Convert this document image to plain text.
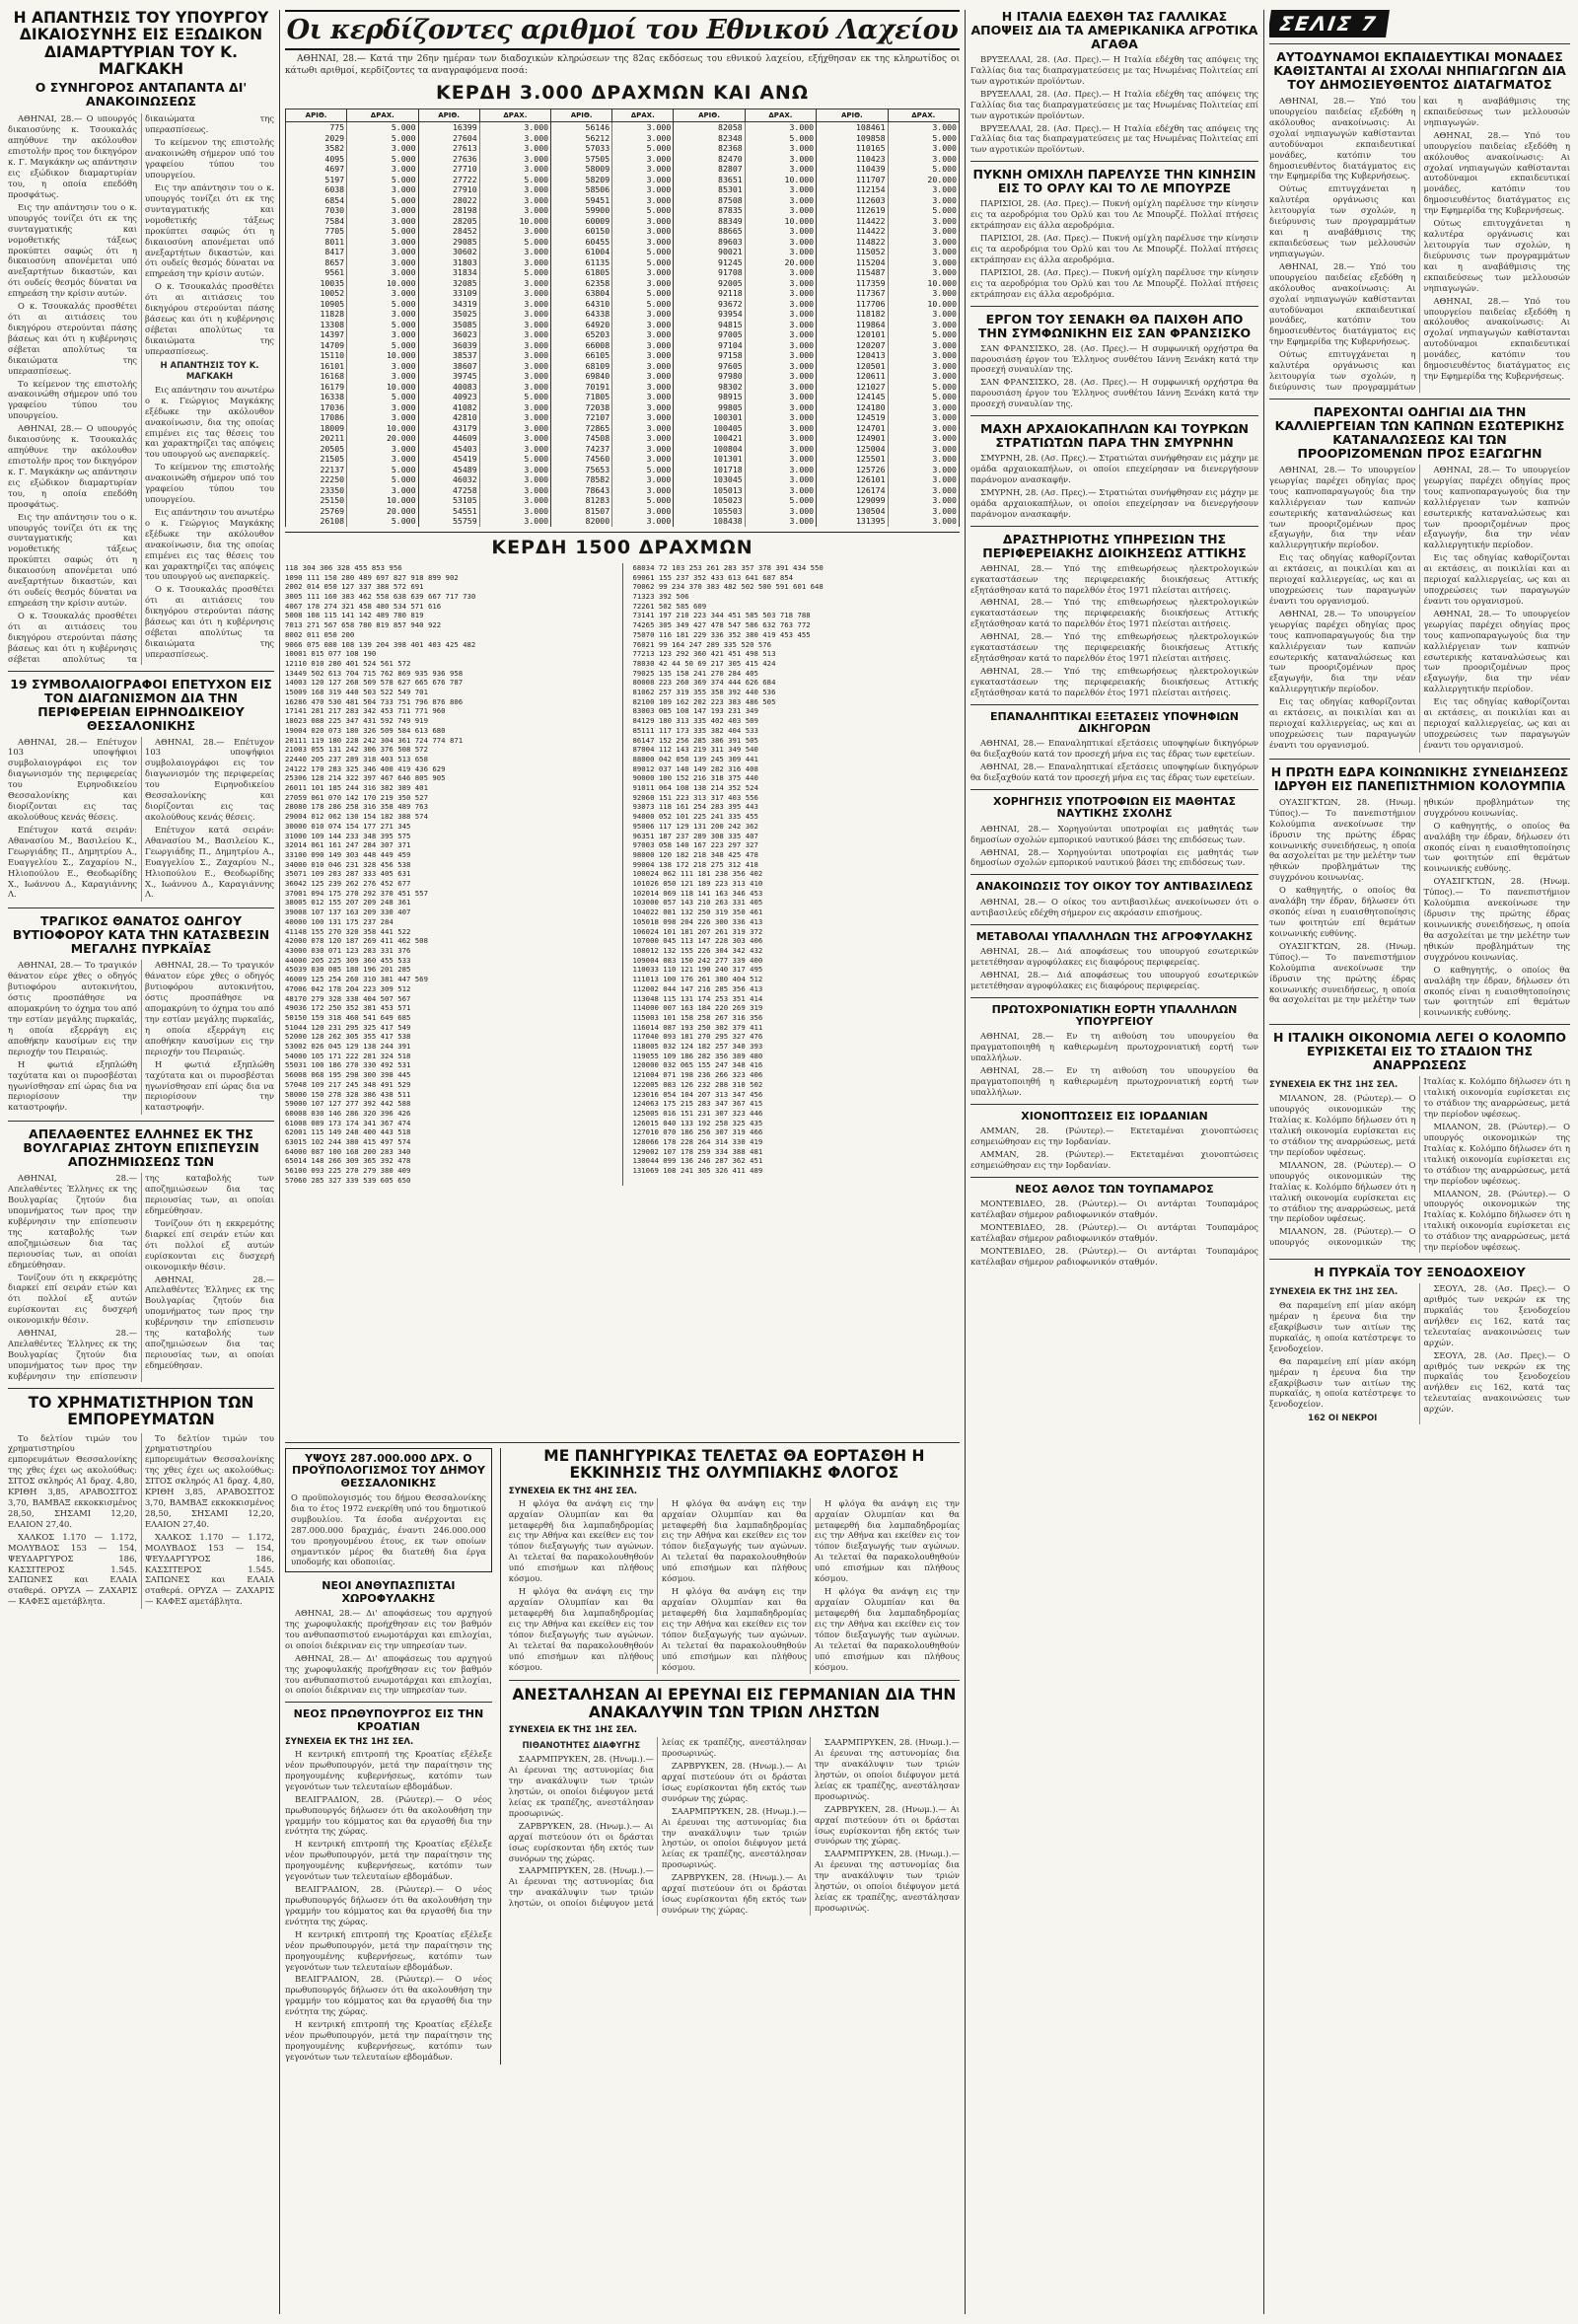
Η ΑΠΑΝΤΗΣΙΣ ΤΟΥ ΥΠΟΥΡΓΟΥ ΔΙΚΑΙΟΣΥΝΗΣ ΕΙΣ ΕΞΩΔΙΚΟΝ ΔΙΑΜΑΡΤΥΡΙΑΝ ΤΟΥ Κ. ΜΑΓΚΑΚΗ
Ο ΣΥΝΗΓΟΡΟΣ ΑΝΤΑΠΑΝΤΑ ΔΙ' ΑΝΑΚΟΙΝΩΣΕΩΣ

ΑΘΗΝΑΙ, 28.— Ο υπουργός δικαιοσύνης κ. Τσουκαλάς απηύθυνε την ακόλουθον επιστολήν προς τον δικηγόρον κ. Γ. Μαγκάκην ως απάντησιν εις εξώδικον διαμαρτυρίαν του, η οποία επεδόθη προσφάτως.

Εις την απάντησιν του ο κ. υπουργός τονίζει ότι εκ της συνταγματικής και νομοθετικής τάξεως προκύπτει σαφώς ότι η δικαιοσύνη απονέμεται υπό ανεξαρτήτων δικαστών, και ότι ουδείς θεσμός δύναται να επηρεάση την κρίσιν αυτών.

Ο κ. Τσουκαλάς προσθέτει ότι αι αιτιάσεις του δικηγόρου στερούνται πάσης βάσεως και ότι η κυβέρνησις σέβεται απολύτως τα δικαιώματα της υπερασπίσεως.

Το κείμενον της επιστολής ανακοινώθη σήμερον υπό του γραφείου τύπου του υπουργείου.

ΑΘΗΝΑΙ, 28.— Ο υπουργός δικαιοσύνης κ. Τσουκαλάς απηύθυνε την ακόλουθον επιστολήν προς τον δικηγόρον κ. Γ. Μαγκάκην ως απάντησιν εις εξώδικον διαμαρτυρίαν του, η οποία επεδόθη προσφάτως.

Εις την απάντησιν του ο κ. υπουργός τονίζει ότι εκ της συνταγματικής και νομοθετικής τάξεως προκύπτει σαφώς ότι η δικαιοσύνη απονέμεται υπό ανεξαρτήτων δικαστών, και ότι ουδείς θεσμός δύναται να επηρεάση την κρίσιν αυτών.

Ο κ. Τσουκαλάς προσθέτει ότι αι αιτιάσεις του δικηγόρου στερούνται πάσης βάσεως και ότι η κυβέρνησις σέβεται απολύτως τα δικαιώματα της υπερασπίσεως.

Το κείμενον της επιστολής ανακοινώθη σήμερον υπό του γραφείου τύπου του υπουργείου.

Εις την απάντησιν του ο κ. υπουργός τονίζει ότι εκ της συνταγματικής και νομοθετικής τάξεως προκύπτει σαφώς ότι η δικαιοσύνη απονέμεται υπό ανεξαρτήτων δικαστών, και ότι ουδείς θεσμός δύναται να επηρεάση την κρίσιν αυτών.

Ο κ. Τσουκαλάς προσθέτει ότι αι αιτιάσεις του δικηγόρου στερούνται πάσης βάσεως και ότι η κυβέρνησις σέβεται απολύτως τα δικαιώματα της υπερασπίσεως.

Η ΑΠΑΝΤΗΣΙΣ ΤΟΥ Κ. ΜΑΓΚΑΚΗ

Εις απάντησιν του ανωτέρω ο κ. Γεώργιος Μαγκάκης εξέδωκε την ακόλουθον ανακοίνωσιν, δια της οποίας επιμένει εις τας θέσεις του και χαρακτηρίζει τας απόψεις του υπουργού ως ανεπαρκείς.

Το κείμενον της επιστολής ανακοινώθη σήμερον υπό του γραφείου τύπου του υπουργείου.

Εις απάντησιν του ανωτέρω ο κ. Γεώργιος Μαγκάκης εξέδωκε την ακόλουθον ανακοίνωσιν, δια της οποίας επιμένει εις τας θέσεις του και χαρακτηρίζει τας απόψεις του υπουργού ως ανεπαρκείς.

Ο κ. Τσουκαλάς προσθέτει ότι αι αιτιάσεις του δικηγόρου στερούνται πάσης βάσεως και ότι η κυβέρνησις σέβεται απολύτως τα δικαιώματα της υπερασπίσεως.

19 ΣΥΜΒΟΛΑΙΟΓΡΑΦΟΙ ΕΠΕΤΥΧΟΝ ΕΙΣ ΤΟΝ ΔΙΑΓΩΝΙΣΜΟΝ ΔΙΑ ΤΗΝ ΠΕΡΙΦΕΡΕΙΑΝ ΕΙΡΗΝΟΔΙΚΕΙΟΥ ΘΕΣΣΑΛΟΝΙΚΗΣ

ΑΘΗΝΑΙ, 28.— Επέτυχον 103 υποψήφιοι συμβολαιογράφοι εις τον διαγωνισμόν της περιφερείας του Ειρηνοδικείου Θεσσαλονίκης και διορίζονται εις τας ακολούθους κενάς θέσεις.

Επέτυχον κατά σειράν: Αθανασίου Μ., Βασιλείου Κ., Γεωργιάδης Π., Δημητρίου Α., Ευαγγελίου Σ., Ζαχαρίου Ν., Ηλιοπούλου Ε., Θεοδωρίδης Χ., Ιωάννου Δ., Καραγιάννης Λ.

ΑΘΗΝΑΙ, 28.— Επέτυχον 103 υποψήφιοι συμβολαιογράφοι εις τον διαγωνισμόν της περιφερείας του Ειρηνοδικείου Θεσσαλονίκης και διορίζονται εις τας ακολούθους κενάς θέσεις.

Επέτυχον κατά σειράν: Αθανασίου Μ., Βασιλείου Κ., Γεωργιάδης Π., Δημητρίου Α., Ευαγγελίου Σ., Ζαχαρίου Ν., Ηλιοπούλου Ε., Θεοδωρίδης Χ., Ιωάννου Δ., Καραγιάννης Λ.

ΤΡΑΓΙΚΟΣ ΘΑΝΑΤΟΣ ΟΔΗΓΟΥ ΒΥΤΙΟΦΟΡΟΥ ΚΑΤΑ ΤΗΝ ΚΑΤΑΣΒΕΣΙΝ ΜΕΓΑΛΗΣ ΠΥΡΚΑΪΑΣ

ΑΘΗΝΑΙ, 28.— Το τραγικόν θάνατον εύρε χθες ο οδηγός βυτιοφόρου αυτοκινήτου, όστις προσπάθησε να απομακρύνη το όχημα του από την εστίαν μεγάλης πυρκαϊάς, η οποία εξερράγη εις αποθήκην καυσίμων εις την περιοχήν του Πειραιώς.

Η φωτιά εξηπλώθη ταχύτατα και οι πυροσβέσται ηγωνίσθησαν επί ώρας δια να περιορίσουν την καταστροφήν.

ΑΘΗΝΑΙ, 28.— Το τραγικόν θάνατον εύρε χθες ο οδηγός βυτιοφόρου αυτοκινήτου, όστις προσπάθησε να απομακρύνη το όχημα του από την εστίαν μεγάλης πυρκαϊάς, η οποία εξερράγη εις αποθήκην καυσίμων εις την περιοχήν του Πειραιώς.

Η φωτιά εξηπλώθη ταχύτατα και οι πυροσβέσται ηγωνίσθησαν επί ώρας δια να περιορίσουν την καταστροφήν.

ΑΠΕΛΑΘΕΝΤΕΣ ΕΛΛΗΝΕΣ ΕΚ ΤΗΣ ΒΟΥΛΓΑΡΙΑΣ ΖΗΤΟΥΝ ΕΠΙΣΠΕΥΣΙΝ ΑΠΟΖΗΜΙΩΣΕΩΣ ΤΩΝ

ΑΘΗΝΑΙ, 28.— Απελαθέντες Έλληνες εκ της Βουλγαρίας ζητούν δια υπομνήματος των προς την κυβέρνησιν την επίσπευσιν της καταβολής των αποζημιώσεων δια τας περιουσίας των, αι οποίαι εδημεύθησαν.

Τονίζουν ότι η εκκρεμότης διαρκεί επί σειράν ετών και ότι πολλοί εξ αυτών ευρίσκονται εις δυσχερή οικονομικήν θέσιν.

ΑΘΗΝΑΙ, 28.— Απελαθέντες Έλληνες εκ της Βουλγαρίας ζητούν δια υπομνήματος των προς την κυβέρνησιν την επίσπευσιν της καταβολής των αποζημιώσεων δια τας περιουσίας των, αι οποίαι εδημεύθησαν.

Τονίζουν ότι η εκκρεμότης διαρκεί επί σειράν ετών και ότι πολλοί εξ αυτών ευρίσκονται εις δυσχερή οικονομικήν θέσιν.

ΑΘΗΝΑΙ, 28.— Απελαθέντες Έλληνες εκ της Βουλγαρίας ζητούν δια υπομνήματος των προς την κυβέρνησιν την επίσπευσιν της καταβολής των αποζημιώσεων δια τας περιουσίας των, αι οποίαι εδημεύθησαν.

ΤΟ ΧΡΗΜΑΤΙΣΤΗΡΙΟΝ ΤΩΝ ΕΜΠΟΡΕΥΜΑΤΩΝ

Το δελτίον τιμών του χρηματιστηρίου εμπορευμάτων Θεσσαλονίκης της χθες έχει ως ακολούθως: ΣΙΤΟΣ σκληρός Α1 δραχ. 4,80, ΚΡΙΘΗ 3,85, ΑΡΑΒΟΣΙΤΟΣ 3,70, ΒΑΜΒΑΞ εκκοκκισμένος 28,50, ΣΗΣΑΜΙ 12,20, ΕΛΑΙΟΝ 27,40.

ΧΑΛΚΟΣ 1.170 — 1.172, ΜΟΛΥΒΔΟΣ 153 — 154, ΨΕΥΔΑΡΓΥΡΟΣ 186, ΚΑΣΣΙΤΕΡΟΣ 1.545. ΣΑΠΩΝΕΣ και ΕΛΑΙΑ σταθερά. ΟΡΥΖΑ — ΖΑΧΑΡΙΣ — ΚΑΦΕΣ αμετάβλητα.

Το δελτίον τιμών του χρηματιστηρίου εμπορευμάτων Θεσσαλονίκης της χθες έχει ως ακολούθως: ΣΙΤΟΣ σκληρός Α1 δραχ. 4,80, ΚΡΙΘΗ 3,85, ΑΡΑΒΟΣΙΤΟΣ 3,70, ΒΑΜΒΑΞ εκκοκκισμένος 28,50, ΣΗΣΑΜΙ 12,20, ΕΛΑΙΟΝ 27,40.

ΧΑΛΚΟΣ 1.170 — 1.172, ΜΟΛΥΒΔΟΣ 153 — 154, ΨΕΥΔΑΡΓΥΡΟΣ 186, ΚΑΣΣΙΤΕΡΟΣ 1.545. ΣΑΠΩΝΕΣ και ΕΛΑΙΑ σταθερά. ΟΡΥΖΑ — ΖΑΧΑΡΙΣ — ΚΑΦΕΣ αμετάβλητα.

Οι κερδίζοντες αριθμοί του Εθνικού Λαχείου
ΑΘΗΝΑΙ, 28.— Κατά την 26ην ημέραν των διαδοχικών κληρώσεων της 82ας εκδόσεως του εθνικού λαχείου, εξήχθησαν εκ της κληρωτίδος οι κάτωθι αριθμοί, κερδίζοντες τα αναγραφόμενα ποσά:
ΚΕΡΔΗ 3.000 ΔΡΑΧΜΩΝ ΚΑΙ ΑΝΩ
ΑΡΙΘ.	ΔΡΑΧ.	ΑΡΙΘ.	ΔΡΑΧ.	ΑΡΙΘ.	ΔΡΑΧ.	ΑΡΙΘ.	ΔΡΑΧ.	ΑΡΙΘ.	ΔΡΑΧ.
775	5.000	16399	3.000	56146	3.000	82058	3.000	108461	3.000
2029	5.000	27604	3.000	56212	3.000	82348	5.000	109858	5.000
3582	3.000	27613	3.000	57033	5.000	82368	3.000	110165	3.000
4095	5.000	27636	3.000	57505	3.000	82470	3.000	110423	3.000
4697	3.000	27710	3.000	58009	3.000	82807	3.000	110439	5.000
5197	5.000	27722	5.000	58209	3.000	83651	10.000	111707	20.000
6038	3.000	27910	3.000	58506	3.000	85301	3.000	112154	3.000
6854	5.000	28022	3.000	59451	3.000	87508	3.000	112603	3.000
7030	3.000	28198	3.000	59900	5.000	87835	3.000	112619	5.000
7584	3.000	28205	10.000	60009	3.000	88349	10.000	114422	3.000
7705	5.000	28452	3.000	60150	3.000	88665	3.000	114422	3.000
8011	3.000	29085	5.000	60455	3.000	89603	3.000	114822	3.000
8417	3.000	30602	3.000	61004	5.000	90021	3.000	115052	3.000
8657	3.000	31803	3.000	61135	5.000	91245	20.000	115204	3.000
9561	3.000	31834	5.000	61805	3.000	91708	3.000	115487	3.000
10035	10.000	32085	3.000	62358	3.000	92005	3.000	117359	10.000
10052	3.000	33109	3.000	63804	5.000	92118	3.000	117367	3.000
10905	5.000	34319	3.000	64310	5.000	93672	3.000	117706	10.000
11828	3.000	35025	3.000	64338	3.000	93954	3.000	118182	3.000
13308	5.000	35085	3.000	64920	3.000	94815	3.000	119864	3.000
14397	3.000	36023	3.000	65203	3.000	97005	3.000	120101	5.000
14709	5.000	36039	3.000	66008	3.000	97104	3.000	120207	3.000
15110	10.000	38537	3.000	66105	3.000	97158	3.000	120413	3.000
16101	3.000	38607	3.000	68109	3.000	97605	3.000	120501	3.000
16168	3.000	39745	3.000	69840	3.000	97980	3.000	120611	3.000
16179	10.000	40083	3.000	70191	3.000	98302	3.000	121027	5.000
16338	5.000	40923	5.000	71805	3.000	98915	3.000	124145	5.000
17036	3.000	41082	3.000	72038	3.000	99805	3.000	124180	3.000
17086	3.000	42810	3.000	72107	3.000	100301	3.000	124519	3.000
18009	10.000	43179	3.000	72865	3.000	100405	3.000	124701	3.000
20211	20.000	44609	3.000	74508	3.000	100421	3.000	124901	3.000
20505	3.000	45403	3.000	74237	3.000	100804	3.000	125004	3.000
21505	3.000	45419	5.000	74560	3.000	101301	3.000	125501	3.000
22137	5.000	45489	3.000	75653	5.000	101718	3.000	125726	3.000
22250	5.000	46032	3.000	78582	3.000	103045	3.000	126101	3.000
23350	3.000	47258	3.000	78643	3.000	105013	3.000	126174	3.000
25150	10.000	53105	3.000	81283	5.000	105023	5.000	129099	3.000
25769	20.000	54551	3.000	81507	3.000	105503	3.000	130504	3.000
26108	5.000	55759	3.000	82000	3.000	108438	3.000	131395	3.000
ΚΕΡΔΗ 1500 ΔΡΑΧΜΩΝ
118 304 306 328 455 853 956
1090 111 150 280 489 697 827 918 899 902
2002 014 050 127 337 388 572 691
3005 111 160 383 462 558 638 639 667 717 730
4067 178 274 321 458 480 534 571 616
5008 108 115 141 142 489 780 819
7013 271 567 658 780 819 857 940 922
8002 011 050 200
9066 075 080 108 139 204 398 401 403 425 482
10001 015 077 108 190
12110 010 280 401 524 561 572
13449 502 613 704 715 762 869 935 936 958
14003 120 127 268 509 578 627 665 676 787
15009 168 319 440 503 522 549 701
16286 470 530 481 504 733 751 796 876 806
17141 281 217 283 342 453 711 771 960
18023 088 225 347 431 592 749 919
19004 020 073 180 326 509 584 613 680
20111 119 180 228 242 304 361 724 774 871
21003 055 131 242 306 376 508 572
22440 205 237 289 318 403 513 658
24122 170 283 325 346 400 419 436 629
25306 128 214 322 397 467 646 805 905
26011 101 185 244 316 382 389 401
27059 061 070 142 170 219 350 527
28080 178 286 258 316 358 489 763
29004 012 062 130 154 182 388 574
30000 010 074 154 177 271 345
31000 109 144 233 348 395 575
32014 061 161 247 284 307 371
33100 090 149 303 448 449 459
34000 010 046 231 328 456 538
35071 109 203 287 333 405 631
36042 125 239 262 276 452 677
37001 094 175 270 292 370 451 557
38005 012 155 207 209 248 361
39008 107 137 163 209 330 407
40000 100 131 175 237 284
41148 155 270 320 358 441 522
42000 078 120 187 269 411 462 508
43000 030 071 123 283 331 376
44000 205 225 309 360 455 533
45039 030 085 180 196 201 285
46009 125 254 260 310 381 447 569
47006 042 178 204 223 309 512
48170 279 328 338 404 507 567
49036 172 250 352 381 453 571
50150 159 318 460 541 649 685
51044 120 231 295 325 417 549
52000 128 262 305 355 417 538
53002 026 045 129 138 244 391
54000 105 171 222 281 324 518
55031 100 186 270 330 492 531
56008 068 195 298 300 398 445
57048 109 217 245 348 491 529
58000 150 278 328 386 438 511
59000 107 127 277 392 442 588
60008 030 146 286 320 396 426
61008 089 173 174 341 367 474
62001 115 149 248 400 443 518
63015 102 244 380 415 497 574
64000 087 100 168 200 283 340
65014 148 266 309 365 392 478
56100 093 225 270 279 380 409
57060 285 327 339 539 605 650
68034 72 103 253 261 283 357 378 391 434 550
69061 155 237 352 433 613 641 687 854
70062 99 234 370 383 482 502 500 591 601 648
71323 392 506
72261 502 585 609
73141 197 210 223 344 451 585 503 718 788
74265 305 349 427 478 547 586 632 763 772
75070 116 181 229 336 352 380 419 453 455
76021 99 164 247 289 335 520 576
77213 123 292 360 421 451 498 513
78030 42 44 50 69 217 305 415 424
79025 135 158 241 270 284 405
80008 223 260 369 374 444 626 684
81062 257 319 355 358 392 440 536
82100 109 162 202 223 383 486 505
83003 085 108 147 193 231 349
84129 180 313 335 402 403 509
85111 117 173 335 382 404 533
86147 152 256 285 386 391 505
87004 112 143 219 311 349 540
88000 042 050 139 245 309 441
89012 037 140 149 282 316 408
90000 100 152 216 318 375 440
91011 064 108 138 214 352 524
92060 151 223 313 317 403 556
93073 118 161 254 283 395 443
94000 052 101 225 241 335 455
95006 117 129 131 200 242 362
96351 187 237 289 308 335 407
97003 058 140 167 223 297 327
98000 120 182 218 348 425 478
99004 138 172 218 275 312 418
100024 062 111 181 238 356 402
101026 050 121 189 223 313 410
102014 069 118 141 163 346 453
103000 057 143 210 263 331 405
104022 081 132 250 319 350 461
105018 098 204 226 300 336 413
106024 101 181 207 261 319 372
107000 045 113 147 228 303 406
108012 132 155 226 304 342 432
109004 083 150 242 277 339 400
110033 110 121 190 240 317 495
111013 100 176 261 380 404 512
112002 044 147 216 285 356 413
113048 115 131 174 253 351 414
114000 007 163 184 220 269 319
115003 101 158 258 267 316 356
116014 087 193 250 302 379 411
117040 093 181 270 295 327 476
118005 032 124 182 257 340 393
119055 109 186 282 356 389 480
120000 032 065 155 247 348 416
121004 071 198 236 266 323 406
122005 083 126 232 288 310 502
123016 054 104 207 313 347 456
124063 175 215 283 347 367 415
125005 016 151 231 307 323 446
126015 040 133 192 258 325 435
127010 070 186 256 307 319 466
128066 178 228 264 314 330 419
129002 107 178 259 334 388 481
130044 099 136 246 287 362 451
131069 108 241 305 326 411 489
ΥΨΟΥΣ 287.000.000 ΔΡΧ. Ο ΠΡΟΫΠΟΛΟΓΙΣΜΟΣ ΤΟΥ ΔΗΜΟΥ ΘΕΣΣΑΛΟΝΙΚΗΣ
Ο προϋπολογισμός του δήμου Θεσσαλονίκης δια το έτος 1972 ενεκρίθη υπό του δημοτικού συμβουλίου. Τα έσοδα ανέρχονται εις 287.000.000 δραχμάς, έναντι 246.000.000 του προηγουμένου έτους, εκ των οποίων σημαντικόν μέρος θα διατεθή δια έργα υποδομής και οδοποιίας.
ΝΕΟΙ ΑΝΘΥΠΑΣΠΙΣΤΑΙ ΧΩΡΟΦΥΛΑΚΗΣ

ΑΘΗΝΑΙ, 28.— Δι' αποφάσεως του αρχηγού της χωροφυλακής προήχθησαν εις τον βαθμόν του ανθυπασπιστού ενωμοτάρχαι και επιλοχίαι, οι οποίοι διέκριναν εις την υπηρεσίαν των.

ΑΘΗΝΑΙ, 28.— Δι' αποφάσεως του αρχηγού της χωροφυλακής προήχθησαν εις τον βαθμόν του ανθυπασπιστού ενωμοτάρχαι και επιλοχίαι, οι οποίοι διέκριναν εις την υπηρεσίαν των.

ΝΕΟΣ ΠΡΩΘΥΠΟΥΡΓΟΣ ΕΙΣ ΤΗΝ ΚΡΟΑΤΙΑΝ
ΣΥΝΕΧΕΙΑ ΕΚ ΤΗΣ 1ΗΣ ΣΕΛ.

Η κεντρική επιτροπή της Κροατίας εξέλεξε νέον πρωθυπουργόν, μετά την παραίτησιν της προηγουμένης κυβερνήσεως, κατόπιν των γεγονότων των τελευταίων εβδομάδων.

ΒΕΛΙΓΡΑΔΙΟΝ, 28. (Ρώυτερ).— Ο νέος πρωθυπουργός δήλωσεν ότι θα ακολουθήση την γραμμήν του κόμματος και θα εργασθή δια την ενότητα της χώρας.

Η κεντρική επιτροπή της Κροατίας εξέλεξε νέον πρωθυπουργόν, μετά την παραίτησιν της προηγουμένης κυβερνήσεως, κατόπιν των γεγονότων των τελευταίων εβδομάδων.

ΒΕΛΙΓΡΑΔΙΟΝ, 28. (Ρώυτερ).— Ο νέος πρωθυπουργός δήλωσεν ότι θα ακολουθήση την γραμμήν του κόμματος και θα εργασθή δια την ενότητα της χώρας.

Η κεντρική επιτροπή της Κροατίας εξέλεξε νέον πρωθυπουργόν, μετά την παραίτησιν της προηγουμένης κυβερνήσεως, κατόπιν των γεγονότων των τελευταίων εβδομάδων.

ΒΕΛΙΓΡΑΔΙΟΝ, 28. (Ρώυτερ).— Ο νέος πρωθυπουργός δήλωσεν ότι θα ακολουθήση την γραμμήν του κόμματος και θα εργασθή δια την ενότητα της χώρας.

Η κεντρική επιτροπή της Κροατίας εξέλεξε νέον πρωθυπουργόν, μετά την παραίτησιν της προηγουμένης κυβερνήσεως, κατόπιν των γεγονότων των τελευταίων εβδομάδων.

ΜΕ ΠΑΝΗΓΥΡΙΚΑΣ ΤΕΛΕΤΑΣ ΘΑ ΕΟΡΤΑΣΘΗ Η ΕΚΚΙΝΗΣΙΣ ΤΗΣ ΟΛΥΜΠΙΑΚΗΣ ΦΛΟΓΟΣ
ΣΥΝΕΧΕΙΑ ΕΚ ΤΗΣ 4ΗΣ ΣΕΛ.

Η φλόγα θα ανάψη εις την αρχαίαν Ολυμπίαν και θα μεταφερθή δια λαμπαδηδρομίας εις την Αθήνα και εκείθεν εις τον τόπον διεξαγωγής των αγώνων. Αι τελεταί θα παρακολουθηθούν υπό επισήμων και πλήθους κόσμου.

Η φλόγα θα ανάψη εις την αρχαίαν Ολυμπίαν και θα μεταφερθή δια λαμπαδηδρομίας εις την Αθήνα και εκείθεν εις τον τόπον διεξαγωγής των αγώνων. Αι τελεταί θα παρακολουθηθούν υπό επισήμων και πλήθους κόσμου.

Η φλόγα θα ανάψη εις την αρχαίαν Ολυμπίαν και θα μεταφερθή δια λαμπαδηδρομίας εις την Αθήνα και εκείθεν εις τον τόπον διεξαγωγής των αγώνων. Αι τελεταί θα παρακολουθηθούν υπό επισήμων και πλήθους κόσμου.

Η φλόγα θα ανάψη εις την αρχαίαν Ολυμπίαν και θα μεταφερθή δια λαμπαδηδρομίας εις την Αθήνα και εκείθεν εις τον τόπον διεξαγωγής των αγώνων. Αι τελεταί θα παρακολουθηθούν υπό επισήμων και πλήθους κόσμου.

Η φλόγα θα ανάψη εις την αρχαίαν Ολυμπίαν και θα μεταφερθή δια λαμπαδηδρομίας εις την Αθήνα και εκείθεν εις τον τόπον διεξαγωγής των αγώνων. Αι τελεταί θα παρακολουθηθούν υπό επισήμων και πλήθους κόσμου.

Η φλόγα θα ανάψη εις την αρχαίαν Ολυμπίαν και θα μεταφερθή δια λαμπαδηδρομίας εις την Αθήνα και εκείθεν εις τον τόπον διεξαγωγής των αγώνων. Αι τελεταί θα παρακολουθηθούν υπό επισήμων και πλήθους κόσμου.

ΑΝΕΣΤΑΛΗΣΑΝ ΑΙ ΕΡΕΥΝΑΙ ΕΙΣ ΓΕΡΜΑΝΙΑΝ ΔΙΑ ΤΗΝ ΑΝΑΚΑΛΥΨΙΝ ΤΩΝ ΤΡΙΩΝ ΛΗΣΤΩΝ
ΣΥΝΕΧΕΙΑ ΕΚ ΤΗΣ 1ΗΣ ΣΕΛ.
ΠΙΘΑΝΟΤΗΤΕΣ ΔΙΑΦΥΓΗΣ

ΣΑΑΡΜΠΡΥΚΕΝ, 28. (Ηνωμ.).— Αι έρευναι της αστυνομίας δια την ανακάλυψιν των τριών ληστών, οι οποίοι διέφυγον μετά λείας εκ τραπέζης, ανεστάλησαν προσωρινώς.

ΖΑΡΒΡΥΚΕΝ, 28. (Ηνωμ.).— Αι αρχαί πιστεύουν ότι οι δράσται ίσως ευρίσκονται ήδη εκτός των συνόρων της χώρας.

ΣΑΑΡΜΠΡΥΚΕΝ, 28. (Ηνωμ.).— Αι έρευναι της αστυνομίας δια την ανακάλυψιν των τριών ληστών, οι οποίοι διέφυγον μετά λείας εκ τραπέζης, ανεστάλησαν προσωρινώς.

ΖΑΡΒΡΥΚΕΝ, 28. (Ηνωμ.).— Αι αρχαί πιστεύουν ότι οι δράσται ίσως ευρίσκονται ήδη εκτός των συνόρων της χώρας.

ΣΑΑΡΜΠΡΥΚΕΝ, 28. (Ηνωμ.).— Αι έρευναι της αστυνομίας δια την ανακάλυψιν των τριών ληστών, οι οποίοι διέφυγον μετά λείας εκ τραπέζης, ανεστάλησαν προσωρινώς.

ΖΑΡΒΡΥΚΕΝ, 28. (Ηνωμ.).— Αι αρχαί πιστεύουν ότι οι δράσται ίσως ευρίσκονται ήδη εκτός των συνόρων της χώρας.

ΣΑΑΡΜΠΡΥΚΕΝ, 28. (Ηνωμ.).— Αι έρευναι της αστυνομίας δια την ανακάλυψιν των τριών ληστών, οι οποίοι διέφυγον μετά λείας εκ τραπέζης, ανεστάλησαν προσωρινώς.

ΖΑΡΒΡΥΚΕΝ, 28. (Ηνωμ.).— Αι αρχαί πιστεύουν ότι οι δράσται ίσως ευρίσκονται ήδη εκτός των συνόρων της χώρας.

ΣΑΑΡΜΠΡΥΚΕΝ, 28. (Ηνωμ.).— Αι έρευναι της αστυνομίας δια την ανακάλυψιν των τριών ληστών, οι οποίοι διέφυγον μετά λείας εκ τραπέζης, ανεστάλησαν προσωρινώς.

Η ΙΤΑΛΙΑ ΕΔΕΧΘΗ ΤΑΣ ΓΑΛΛΙΚΑΣ ΑΠΟΨΕΙΣ ΔΙΑ ΤΑ ΑΜΕΡΙΚΑΝΙΚΑ ΑΓΡΟΤΙΚΑ ΑΓΑΘΑ

ΒΡΥΞΕΛΛΑΙ, 28. (Ασ. Πρες).— Η Ιταλία εδέχθη τας απόψεις της Γαλλίας δια τας διαπραγματεύσεις με τας Ηνωμένας Πολιτείας επί των αγροτικών προϊόντων.

ΒΡΥΞΕΛΛΑΙ, 28. (Ασ. Πρες).— Η Ιταλία εδέχθη τας απόψεις της Γαλλίας δια τας διαπραγματεύσεις με τας Ηνωμένας Πολιτείας επί των αγροτικών προϊόντων.

ΒΡΥΞΕΛΛΑΙ, 28. (Ασ. Πρες).— Η Ιταλία εδέχθη τας απόψεις της Γαλλίας δια τας διαπραγματεύσεις με τας Ηνωμένας Πολιτείας επί των αγροτικών προϊόντων.

ΠΥΚΝΗ ΟΜΙΧΛΗ ΠΑΡΕΛΥΣΕ ΤΗΝ ΚΙΝΗΣΙΝ ΕΙΣ ΤΟ ΟΡΛΥ ΚΑΙ ΤΟ ΛΕ ΜΠΟΥΡΖΕ

ΠΑΡΙΣΙΟΙ, 28. (Ασ. Πρες).— Πυκνή ομίχλη παρέλυσε την κίνησιν εις τα αεροδρόμια του Ορλύ και του Λε Μπουρζέ. Πολλαί πτήσεις εκτράπησαν εις άλλα αεροδρόμια.

ΠΑΡΙΣΙΟΙ, 28. (Ασ. Πρες).— Πυκνή ομίχλη παρέλυσε την κίνησιν εις τα αεροδρόμια του Ορλύ και του Λε Μπουρζέ. Πολλαί πτήσεις εκτράπησαν εις άλλα αεροδρόμια.

ΠΑΡΙΣΙΟΙ, 28. (Ασ. Πρες).— Πυκνή ομίχλη παρέλυσε την κίνησιν εις τα αεροδρόμια του Ορλύ και του Λε Μπουρζέ. Πολλαί πτήσεις εκτράπησαν εις άλλα αεροδρόμια.

ΕΡΓΟΝ ΤΟΥ ΣΕΝΑΚΗ ΘΑ ΠΑΙΧΘΗ ΑΠΟ ΤΗΝ ΣΥΜΦΩΝΙΚΗΝ ΕΙΣ ΣΑΝ ΦΡΑΝΣΙΣΚΟ

ΣΑΝ ΦΡΑΝΣΙΣΚΟ, 28. (Ασ. Πρες).— Η συμφωνική ορχήστρα θα παρουσιάση έργον του Έλληνος συνθέτου Ιάννη Ξενάκη κατά την προσεχή συναυλίαν της.

ΣΑΝ ΦΡΑΝΣΙΣΚΟ, 28. (Ασ. Πρες).— Η συμφωνική ορχήστρα θα παρουσιάση έργον του Έλληνος συνθέτου Ιάννη Ξενάκη κατά την προσεχή συναυλίαν της.

ΜΑΧΗ ΑΡΧΑΙΟΚΑΠΗΛΩΝ ΚΑΙ ΤΟΥΡΚΩΝ ΣΤΡΑΤΙΩΤΩΝ ΠΑΡΑ ΤΗΝ ΣΜΥΡΝΗΝ

ΣΜΥΡΝΗ, 28. (Ασ. Πρες).— Στρατιώται συνήφθησαν εις μάχην με ομάδα αρχαιοκαπήλων, οι οποίοι επεχείρησαν να διενεργήσουν παράνομον ανασκαφήν.

ΣΜΥΡΝΗ, 28. (Ασ. Πρες).— Στρατιώται συνήφθησαν εις μάχην με ομάδα αρχαιοκαπήλων, οι οποίοι επεχείρησαν να διενεργήσουν παράνομον ανασκαφήν.

ΔΡΑΣΤΗΡΙΟΤΗΣ ΥΠΗΡΕΣΙΩΝ ΤΗΣ ΠΕΡΙΦΕΡΕΙΑΚΗΣ ΔΙΟΙΚΗΣΕΩΣ ΑΤΤΙΚΗΣ

ΑΘΗΝΑΙ, 28.— Υπό της επιθεωρήσεως ηλεκτρολογικών εγκαταστάσεων της περιφερειακής διοικήσεως Αττικής εξητάσθησαν κατά το παρελθόν έτος 1971 πλείσται αιτήσεις.

ΑΘΗΝΑΙ, 28.— Υπό της επιθεωρήσεως ηλεκτρολογικών εγκαταστάσεων της περιφερειακής διοικήσεως Αττικής εξητάσθησαν κατά το παρελθόν έτος 1971 πλείσται αιτήσεις.

ΑΘΗΝΑΙ, 28.— Υπό της επιθεωρήσεως ηλεκτρολογικών εγκαταστάσεων της περιφερειακής διοικήσεως Αττικής εξητάσθησαν κατά το παρελθόν έτος 1971 πλείσται αιτήσεις.

ΑΘΗΝΑΙ, 28.— Υπό της επιθεωρήσεως ηλεκτρολογικών εγκαταστάσεων της περιφερειακής διοικήσεως Αττικής εξητάσθησαν κατά το παρελθόν έτος 1971 πλείσται αιτήσεις.

ΕΠΑΝΑΛΗΠΤΙΚΑΙ ΕΞΕΤΑΣΕΙΣ ΥΠΟΨΗΦΙΩΝ ΔΙΚΗΓΟΡΩΝ

ΑΘΗΝΑΙ, 28.— Επαναληπτικαί εξετάσεις υποψηφίων δικηγόρων θα διεξαχθούν κατά τον προσεχή μήνα εις τας έδρας των εφετείων.

ΑΘΗΝΑΙ, 28.— Επαναληπτικαί εξετάσεις υποψηφίων δικηγόρων θα διεξαχθούν κατά τον προσεχή μήνα εις τας έδρας των εφετείων.

ΧΟΡΗΓΗΣΙΣ ΥΠΟΤΡΟΦΙΩΝ ΕΙΣ ΜΑΘΗΤΑΣ ΝΑΥΤΙΚΗΣ ΣΧΟΛΗΣ

ΑΘΗΝΑΙ, 28.— Χορηγούνται υποτροφίαι εις μαθητάς των δημοσίων σχολών εμπορικού ναυτικού βάσει της επιδόσεως των.

ΑΘΗΝΑΙ, 28.— Χορηγούνται υποτροφίαι εις μαθητάς των δημοσίων σχολών εμπορικού ναυτικού βάσει της επιδόσεως των.

ΑΝΑΚΟΙΝΩΣΙΣ ΤΟΥ ΟΙΚΟΥ ΤΟΥ ΑΝΤΙΒΑΣΙΛΕΩΣ

ΑΘΗΝΑΙ, 28.— Ο οίκος του αντιβασιλέως ανεκοίνωσεν ότι ο αντιβασιλεύς εδέχθη σήμερον εις ακρόασιν επισήμους.

ΜΕΤΑΒΟΛΑΙ ΥΠΑΛΛΗΛΩΝ ΤΗΣ ΑΓΡΟΦΥΛΑΚΗΣ

ΑΘΗΝΑΙ, 28.— Διά αποφάσεως του υπουργού εσωτερικών μετετέθησαν αγροφύλακες εις διαφόρους περιφερείας.

ΑΘΗΝΑΙ, 28.— Διά αποφάσεως του υπουργού εσωτερικών μετετέθησαν αγροφύλακες εις διαφόρους περιφερείας.

ΠΡΩΤΟΧΡΟΝΙΑΤΙΚΗ ΕΟΡΤΗ ΥΠΑΛΛΗΛΩΝ ΥΠΟΥΡΓΕΙΟΥ

ΑΘΗΝΑΙ, 28.— Εν τη αιθούση του υπουργείου θα πραγματοποιηθή η καθιερωμένη πρωτοχρονιατική εορτή των υπαλλήλων.

ΑΘΗΝΑΙ, 28.— Εν τη αιθούση του υπουργείου θα πραγματοποιηθή η καθιερωμένη πρωτοχρονιατική εορτή των υπαλλήλων.

ΧΙΟΝΟΠΤΩΣΕΙΣ ΕΙΣ ΙΟΡΔΑΝΙΑΝ

ΑΜΜΑΝ, 28. (Ρώυτερ).— Εκτεταμέναι χιονοπτώσεις εσημειώθησαν εις την Ιορδανίαν.

ΑΜΜΑΝ, 28. (Ρώυτερ).— Εκτεταμέναι χιονοπτώσεις εσημειώθησαν εις την Ιορδανίαν.

ΝΕΟΣ ΑΘΛΟΣ ΤΩΝ ΤΟΥΠΑΜΑΡΟΣ

ΜΟΝΤΕΒΙΔΕΟ, 28. (Ρώυτερ).— Οι αντάρται Τουπαμάρος κατέλαβαν σήμερον ραδιοφωνικόν σταθμόν.

ΜΟΝΤΕΒΙΔΕΟ, 28. (Ρώυτερ).— Οι αντάρται Τουπαμάρος κατέλαβαν σήμερον ραδιοφωνικόν σταθμόν.

ΜΟΝΤΕΒΙΔΕΟ, 28. (Ρώυτερ).— Οι αντάρται Τουπαμάρος κατέλαβαν σήμερον ραδιοφωνικόν σταθμόν.

ΣΕΛΙΣ 7
ΑΥΤΟΔΥΝΑΜΟΙ ΕΚΠΑΙΔΕΥΤΙΚΑΙ ΜΟΝΑΔΕΣ ΚΑΘΙΣΤΑΝΤΑΙ ΑΙ ΣΧΟΛΑΙ ΝΗΠΙΑΓΩΓΩΝ ΔΙΑ ΤΟΥ ΔΗΜΟΣΙΕΥΘΕΝΤΟΣ ΔΙΑΤΑΓΜΑΤΟΣ

ΑΘΗΝΑΙ, 28.— Υπό του υπουργείου παιδείας εξεδόθη η ακόλουθος ανακοίνωσις: Αι σχολαί νηπιαγωγών καθίστανται αυτοδύναμοι εκπαιδευτικαί μονάδες, κατόπιν του δημοσιευθέντος διατάγματος εις την Εφημερίδα της Κυβερνήσεως.

Ούτως επιτυγχάνεται η καλυτέρα οργάνωσις και λειτουργία των σχολών, η διεύρυνσις των προγραμμάτων και η αναβάθμισις της εκπαιδεύσεως των μελλουσών νηπιαγωγών.

ΑΘΗΝΑΙ, 28.— Υπό του υπουργείου παιδείας εξεδόθη η ακόλουθος ανακοίνωσις: Αι σχολαί νηπιαγωγών καθίστανται αυτοδύναμοι εκπαιδευτικαί μονάδες, κατόπιν του δημοσιευθέντος διατάγματος εις την Εφημερίδα της Κυβερνήσεως.

Ούτως επιτυγχάνεται η καλυτέρα οργάνωσις και λειτουργία των σχολών, η διεύρυνσις των προγραμμάτων και η αναβάθμισις της εκπαιδεύσεως των μελλουσών νηπιαγωγών.

ΑΘΗΝΑΙ, 28.— Υπό του υπουργείου παιδείας εξεδόθη η ακόλουθος ανακοίνωσις: Αι σχολαί νηπιαγωγών καθίστανται αυτοδύναμοι εκπαιδευτικαί μονάδες, κατόπιν του δημοσιευθέντος διατάγματος εις την Εφημερίδα της Κυβερνήσεως.

Ούτως επιτυγχάνεται η καλυτέρα οργάνωσις και λειτουργία των σχολών, η διεύρυνσις των προγραμμάτων και η αναβάθμισις της εκπαιδεύσεως των μελλουσών νηπιαγωγών.

ΑΘΗΝΑΙ, 28.— Υπό του υπουργείου παιδείας εξεδόθη η ακόλουθος ανακοίνωσις: Αι σχολαί νηπιαγωγών καθίστανται αυτοδύναμοι εκπαιδευτικαί μονάδες, κατόπιν του δημοσιευθέντος διατάγματος εις την Εφημερίδα της Κυβερνήσεως.

ΠΑΡΕΧΟΝΤΑΙ ΟΔΗΓΙΑΙ ΔΙΑ ΤΗΝ ΚΑΛΛΙΕΡΓΕΙΑΝ ΤΩΝ ΚΑΠΝΩΝ ΕΣΩΤΕΡΙΚΗΣ ΚΑΤΑΝΑΛΩΣΕΩΣ ΚΑΙ ΤΩΝ ΠΡΟΟΡΙΖΟΜΕΝΩΝ ΠΡΟΣ ΕΞΑΓΩΓΗΝ

ΑΘΗΝΑΙ, 28.— Το υπουργείον γεωργίας παρέχει οδηγίας προς τους καπνοπαραγωγούς δια την καλλιέργειαν των καπνών εσωτερικής καταναλώσεως και των προοριζομένων προς εξαγωγήν, δια την νέαν καλλιεργητικήν περίοδον.

Εις τας οδηγίας καθορίζονται αι εκτάσεις, αι ποικιλίαι και αι περιοχαί καλλιεργείας, ως και αι υποχρεώσεις των παραγωγών έναντι του οργανισμού.

ΑΘΗΝΑΙ, 28.— Το υπουργείον γεωργίας παρέχει οδηγίας προς τους καπνοπαραγωγούς δια την καλλιέργειαν των καπνών εσωτερικής καταναλώσεως και των προοριζομένων προς εξαγωγήν, δια την νέαν καλλιεργητικήν περίοδον.

Εις τας οδηγίας καθορίζονται αι εκτάσεις, αι ποικιλίαι και αι περιοχαί καλλιεργείας, ως και αι υποχρεώσεις των παραγωγών έναντι του οργανισμού.

ΑΘΗΝΑΙ, 28.— Το υπουργείον γεωργίας παρέχει οδηγίας προς τους καπνοπαραγωγούς δια την καλλιέργειαν των καπνών εσωτερικής καταναλώσεως και των προοριζομένων προς εξαγωγήν, δια την νέαν καλλιεργητικήν περίοδον.

Εις τας οδηγίας καθορίζονται αι εκτάσεις, αι ποικιλίαι και αι περιοχαί καλλιεργείας, ως και αι υποχρεώσεις των παραγωγών έναντι του οργανισμού.

ΑΘΗΝΑΙ, 28.— Το υπουργείον γεωργίας παρέχει οδηγίας προς τους καπνοπαραγωγούς δια την καλλιέργειαν των καπνών εσωτερικής καταναλώσεως και των προοριζομένων προς εξαγωγήν, δια την νέαν καλλιεργητικήν περίοδον.

Εις τας οδηγίας καθορίζονται αι εκτάσεις, αι ποικιλίαι και αι περιοχαί καλλιεργείας, ως και αι υποχρεώσεις των παραγωγών έναντι του οργανισμού.

Η ΠΡΩΤΗ ΕΔΡΑ ΚΟΙΝΩΝΙΚΗΣ ΣΥΝΕΙΔΗΣΕΩΣ ΙΔΡΥΘΗ ΕΙΣ ΠΑΝΕΠΙΣΤΗΜΙΟΝ ΚΟΛΟΥΜΠΙΑ

ΟΥΑΣΙΓΚΤΩΝ, 28. (Ηνωμ. Τύπος).— Το πανεπιστήμιον Κολούμπια ανεκοίνωσε την ίδρυσιν της πρώτης έδρας κοινωνικής συνειδήσεως, η οποία θα ασχολείται με την μελέτην των ηθικών προβλημάτων της συγχρόνου κοινωνίας.

Ο καθηγητής, ο οποίος θα αναλάβη την έδραν, δήλωσεν ότι σκοπός είναι η ευαισθητοποίησις των φοιτητών επί θεμάτων κοινωνικής ευθύνης.

ΟΥΑΣΙΓΚΤΩΝ, 28. (Ηνωμ. Τύπος).— Το πανεπιστήμιον Κολούμπια ανεκοίνωσε την ίδρυσιν της πρώτης έδρας κοινωνικής συνειδήσεως, η οποία θα ασχολείται με την μελέτην των ηθικών προβλημάτων της συγχρόνου κοινωνίας.

Ο καθηγητής, ο οποίος θα αναλάβη την έδραν, δήλωσεν ότι σκοπός είναι η ευαισθητοποίησις των φοιτητών επί θεμάτων κοινωνικής ευθύνης.

ΟΥΑΣΙΓΚΤΩΝ, 28. (Ηνωμ. Τύπος).— Το πανεπιστήμιον Κολούμπια ανεκοίνωσε την ίδρυσιν της πρώτης έδρας κοινωνικής συνειδήσεως, η οποία θα ασχολείται με την μελέτην των ηθικών προβλημάτων της συγχρόνου κοινωνίας.

Ο καθηγητής, ο οποίος θα αναλάβη την έδραν, δήλωσεν ότι σκοπός είναι η ευαισθητοποίησις των φοιτητών επί θεμάτων κοινωνικής ευθύνης.

Η ΙΤΑΛΙΚΗ ΟΙΚΟΝΟΜΙΑ ΛΕΓΕΙ Ο ΚΟΛΟΜΠΟ ΕΥΡΙΣΚΕΤΑΙ ΕΙΣ ΤΟ ΣΤΑΔΙΟΝ ΤΗΣ ΑΝΑΡΡΩΣΕΩΣ
ΣΥΝΕΧΕΙΑ ΕΚ ΤΗΣ 1ΗΣ ΣΕΛ.

ΜΙΛΑΝΟΝ, 28. (Ρώυτερ).— Ο υπουργός οικονομικών της Ιταλίας κ. Κολόμπο δήλωσεν ότι η ιταλική οικονομία ευρίσκεται εις το στάδιον της αναρρώσεως, μετά την περίοδον υφέσεως.

ΜΙΛΑΝΟΝ, 28. (Ρώυτερ).— Ο υπουργός οικονομικών της Ιταλίας κ. Κολόμπο δήλωσεν ότι η ιταλική οικονομία ευρίσκεται εις το στάδιον της αναρρώσεως, μετά την περίοδον υφέσεως.

ΜΙΛΑΝΟΝ, 28. (Ρώυτερ).— Ο υπουργός οικονομικών της Ιταλίας κ. Κολόμπο δήλωσεν ότι η ιταλική οικονομία ευρίσκεται εις το στάδιον της αναρρώσεως, μετά την περίοδον υφέσεως.

ΜΙΛΑΝΟΝ, 28. (Ρώυτερ).— Ο υπουργός οικονομικών της Ιταλίας κ. Κολόμπο δήλωσεν ότι η ιταλική οικονομία ευρίσκεται εις το στάδιον της αναρρώσεως, μετά την περίοδον υφέσεως.

ΜΙΛΑΝΟΝ, 28. (Ρώυτερ).— Ο υπουργός οικονομικών της Ιταλίας κ. Κολόμπο δήλωσεν ότι η ιταλική οικονομία ευρίσκεται εις το στάδιον της αναρρώσεως, μετά την περίοδον υφέσεως.

Η ΠΥΡΚΑΪΑ ΤΟΥ ΞΕΝΟΔΟΧΕΙΟΥ
ΣΥΝΕΧΕΙΑ ΕΚ ΤΗΣ 1ΗΣ ΣΕΛ.

Θα παραμείνη επί μίαν ακόμη ημέραν η έρευνα δια την εξακρίβωσιν των αιτίων της πυρκαϊάς, η οποία κατέστρεψε το ξενοδοχείον.

Θα παραμείνη επί μίαν ακόμη ημέραν η έρευνα δια την εξακρίβωσιν των αιτίων της πυρκαϊάς, η οποία κατέστρεψε το ξενοδοχείον.

162 ΟΙ ΝΕΚΡΟΙ

ΣΕΟΥΛ, 28. (Ασ. Πρες).— Ο αριθμός των νεκρών εκ της πυρκαϊάς του ξενοδοχείου ανήλθεν εις 162, κατά τας τελευταίας ανακοινώσεις των αρχών.

ΣΕΟΥΛ, 28. (Ασ. Πρες).— Ο αριθμός των νεκρών εκ της πυρκαϊάς του ξενοδοχείου ανήλθεν εις 162, κατά τας τελευταίας ανακοινώσεις των αρχών.
